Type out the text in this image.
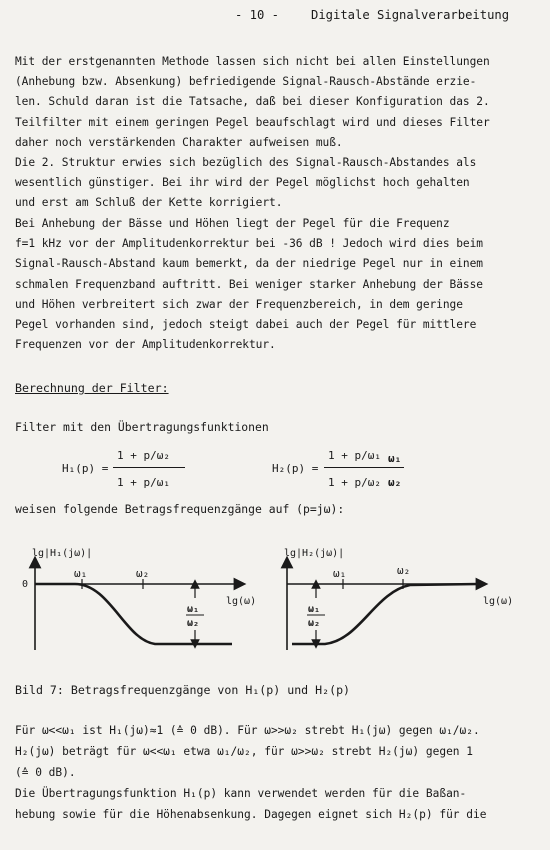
- 10 -	Digitale Signalverarbeitung
Mit der erstgenannten Methode lassen sich nicht bei allen Einstellungen
(Anhebung bzw. Absenkung) befriedigende Signal-Rausch-Abstände erzie-
len. Schuld daran ist die Tatsache, daß bei dieser Konfiguration das 2.
Teilfilter mit einem geringen Pegel beaufschlagt wird und dieses Filter
daher noch verstärkenden Charakter aufweisen muß.
Die 2. Struktur erwies sich bezüglich des Signal-Rausch-Abstandes als
wesentlich günstiger. Bei ihr wird der Pegel möglichst hoch gehalten
und erst am Schluß der Kette korrigiert.
Bei Anhebung der Bässe und Höhen liegt der Pegel für die Frequenz
f=1 kHz vor der Amplitudenkorrektur bei -36 dB ! Jedoch wird dies beim
Signal-Rausch-Abstand kaum bemerkt, da der niedrige Pegel nur in einem
schmalen Frequenzband auftritt. Bei weniger starker Anhebung der Bässe
und Höhen verbreitert sich zwar der Frequenzbereich, in dem geringe
Pegel vorhanden sind, jedoch steigt dabei auch der Pegel für mittlere
Frequenzen vor der Amplitudenkorrektur.
Berechnung der Filter:
Filter mit den Übertragungsfunktionen
H₁(p) =
1 + p/ω₂
1 + p/ω₁
H₂(p) =
1 + p/ω₁
1 + p/ω₂
ω₁
ω₂
weisen folgende Betragsfrequenzgänge auf (p=jω):
lg|H₁(jω)|
0
ω₁	ω₂
lg(ω)
ω₁
ω₂
lg|H₂(jω)|
ω₁	ω₂
lg(ω)
ω₁
ω₂
Bild 7: Betragsfrequenzgänge von H₁(p) und H₂(p)
Für ω<<ω₁ ist H₁(jω)≈1 (≙ 0 dB). Für ω>>ω₂ strebt H₁(jω) gegen ω₁/ω₂.
H₂(jω) beträgt für ω<<ω₁ etwa ω₁/ω₂, für ω>>ω₂ strebt H₂(jω) gegen 1
(≙ 0 dB).
Die Übertragungsfunktion H₁(p) kann verwendet werden für die Baßan-
hebung sowie für die Höhenabsenkung. Dagegen eignet sich H₂(p) für die
